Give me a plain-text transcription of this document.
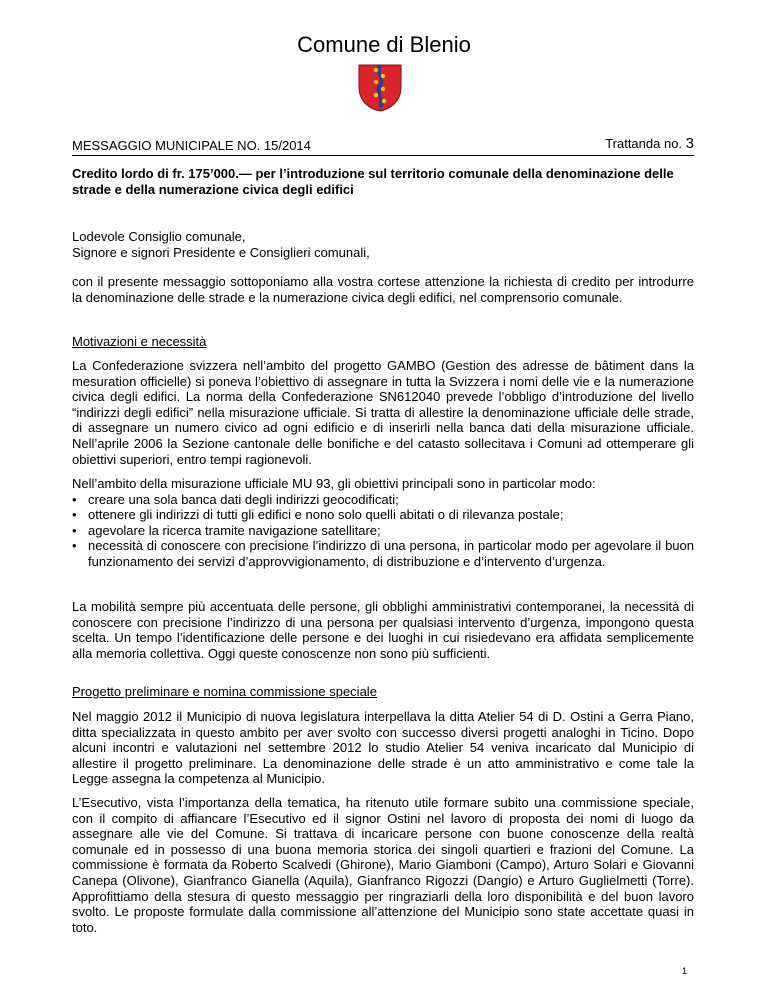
Comune di Blenio
MESSAGGIO MUNICIPALE NO. 15/2014	Trattanda no. 3
Credito lordo di fr. 175’000.— per l’introduzione sul territorio comunale della denominazione delle strade e della numerazione civica degli edifici

Lodevole Consiglio comunale,

Signore e signori Presidente e Consiglieri comunali,

con il presente messaggio sottoponiamo alla vostra cortese attenzione la richiesta di credito per introdurre la denominazione delle strade e la numerazione civica degli edifici, nel comprensorio comunale.
Motivazioni e necessità
La Confederazione svizzera nell’ambito del progetto GAMBO (Gestion des adresse de bâtiment dans la mesuration officielle) si poneva l’obiettivo di assegnare in tutta la Svizzera i nomi delle vie e la numerazione civica degli edifici. La norma della Confederazione SN612040 prevede l’obbligo d’introduzione del livello “indirizzi degli edifici” nella misurazione ufficiale. Si tratta di allestire la denominazione ufficiale delle strade, di assegnare un numero civico ad ogni edificio e di inserirli nella banca dati della misurazione ufficiale. Nell’aprile 2006 la Sezione cantonale delle bonifiche e del catasto sollecitava i Comuni ad ottemperare gli obiettivi superiori, entro tempi ragionevoli.

Nell’ambito della misurazione ufficiale MU 93, gli obiettivi principali sono in particolar modo:

• creare una sola banca dati degli indirizzi geocodificati;
• ottenere gli indirizzi di tutti gli edifici e nono solo quelli abitati o di rilevanza postale;
• agevolare la ricerca tramite navigazione satellitare;
• necessità di conoscere con precisione l’indirizzo di una persona, in particolar modo per agevolare il buon funzionamento dei servizi d’approvvigionamento, di distribuzione e d’intervento d’urgenza.
La mobilità sempre più accentuata delle persone, gli obblighi amministrativi contemporanei, la necessità di conoscere con precisione l’indirizzo di una persona per qualsiasi intervento d’urgenza, impongono questa scelta. Un tempo l’identificazione delle persone e dei luoghi in cui risiedevano era affidata semplicemente alla memoria collettiva. Oggi queste conoscenze non sono più sufficienti.
Progetto preliminare e nomina commissione speciale
Nel maggio 2012 il Municipio di nuova legislatura interpellava la ditta Atelier 54 di D. Ostini a Gerra Piano, ditta specializzata in questo ambito per aver svolto con successo diversi progetti analoghi in Ticino. Dopo alcuni incontri e valutazioni nel settembre 2012 lo studio Atelier 54 veniva incaricato dal Municipio di allestire il progetto preliminare. La denominazione delle strade è un atto amministrativo e come tale la Legge assegna la competenza al Municipio.
L’Esecutivo, vista l’importanza della tematica, ha ritenuto utile formare subito una commissione speciale, con il compito di affiancare l’Esecutivo ed il signor Ostini nel lavoro di proposta dei nomi di luogo da assegnare alle vie del Comune. Si trattava di incaricare persone con buone conoscenze della realtà comunale ed in possesso di una buona memoria storica dei singoli quartieri e frazioni del Comune. La commissione è formata da Roberto Scalvedi (Ghirone), Mario Giamboni (Campo), Arturo Solari e Giovanni Canepa (Olivone), Gianfranco Gianella (Aquila), Gianfranco Rigozzi (Dangio) e Arturo Guglielmetti (Torre). Approfittiamo della stesura di questo messaggio per ringraziarli della loro disponibilità e del buon lavoro svolto. Le proposte formulate dalla commissione all’attenzione del Municipio sono state accettate quasi in toto.
1
